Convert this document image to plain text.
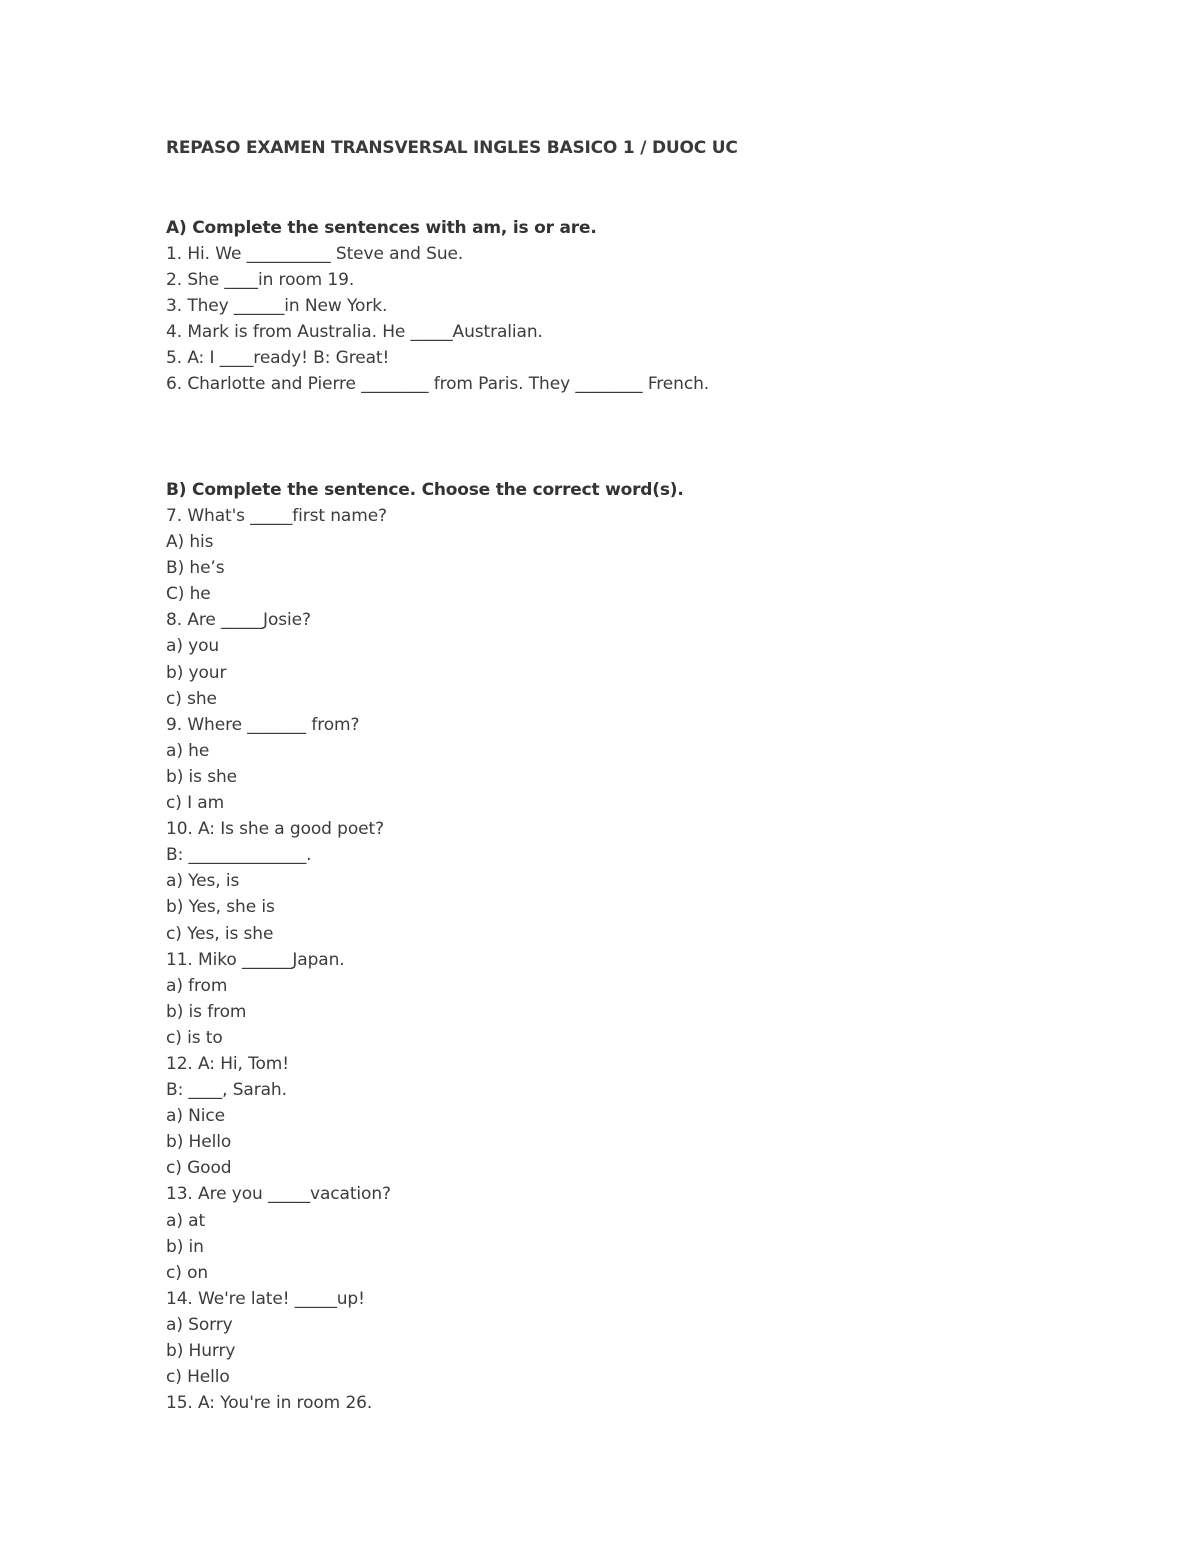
REPASO EXAMEN TRANSVERSAL INGLES BASICO 1 / DUOC UC
A) Complete the sentences with am, is or are.
1. Hi. We __________ Steve and Sue.
2. She ____in room 19.
3. They ______in New York.
4. Mark is from Australia. He _____Australian.
5. A: I ____ready! B: Great!
6. Charlotte and Pierre ________ from Paris. They ________ French.
B) Complete the sentence. Choose the correct word(s).
7. What's _____first name?
A) his
B) he’s
C) he
8. Are _____Josie?
a) you
b) your
c) she
9. Where _______ from?
a) he
b) is she
c) I am
10. A: Is she a good poet?
B: ______________.
a) Yes, is
b) Yes, she is
c) Yes, is she
11. Miko ______Japan.
a) from
b) is from
c) is to
12. A: Hi, Tom!
B: ____, Sarah.
a) Nice
b) Hello
c) Good
13. Are you _____vacation?
a) at
b) in
c) on
14. We're late! _____up!
a) Sorry
b) Hurry
c) Hello
15. A: You're in room 26.
